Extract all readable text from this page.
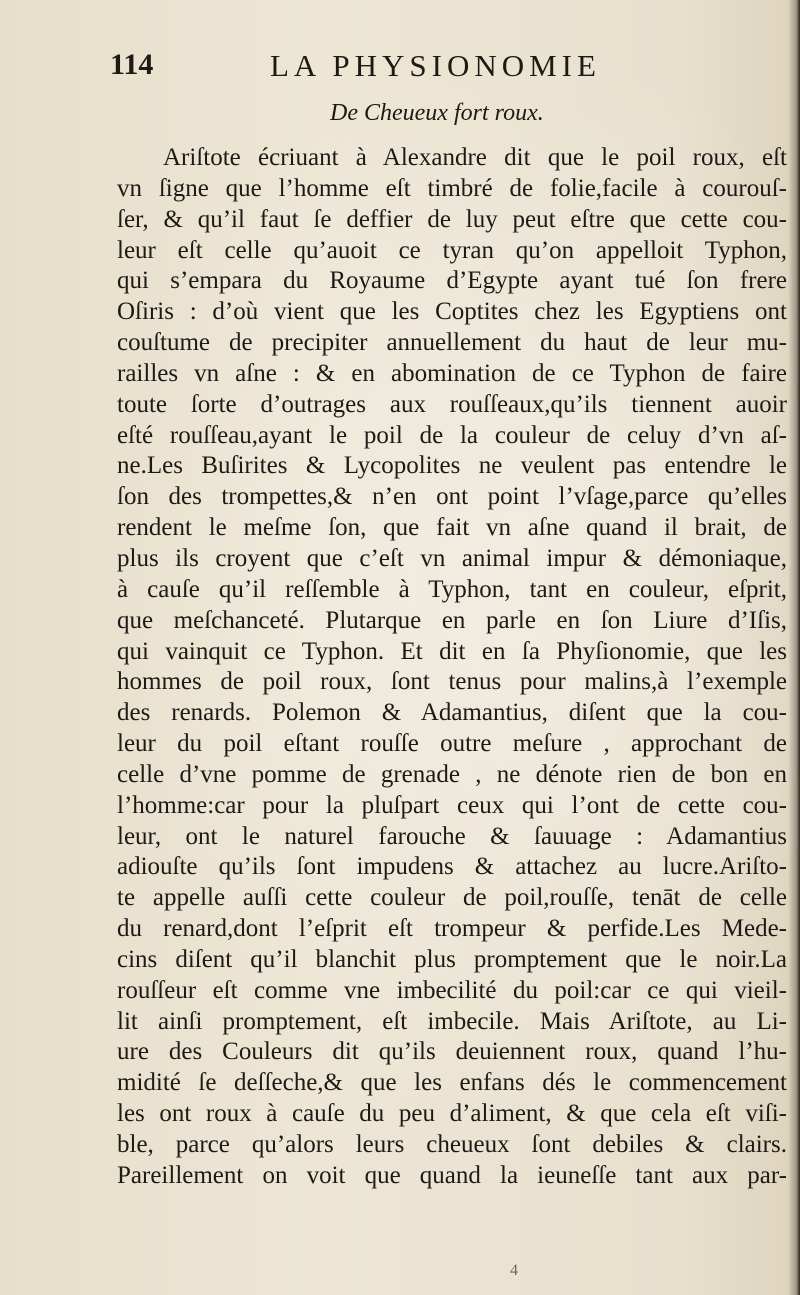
114	LA PHYSIONOMIE
De Cheueux fort roux.
Ariſtote écriuant à Alexandre dit que le poil roux, eſt
vn ſigne que l’homme eſt timbré de folie,facile à courouſ-
ſer, & qu’il faut ſe deffier de luy peut eſtre que cette cou-
leur eſt celle qu’auoit ce tyran qu’on appelloit Typhon,
qui s’empara du Royaume d’Egypte ayant tué ſon frere
Oſiris : d’où vient que les Coptites chez les Egyptiens ont
couſtume de precipiter annuellement du haut de leur mu-
railles vn aſne : & en abomination de ce Typhon de faire
toute ſorte d’outrages aux rouſſeaux,qu’ils tiennent auoir
eſté rouſſeau,ayant le poil de la couleur de celuy d’vn aſ-
ne.Les Buſirites & Lycopolites ne veulent pas entendre le
ſon des trompettes,& n’en ont point l’vſage,parce qu’elles
rendent le meſme ſon, que fait vn aſne quand il brait, de
plus ils croyent que c’eſt vn animal impur & démoniaque,
à cauſe qu’il reſſemble à Typhon, tant en couleur, eſprit,
que meſchanceté. Plutarque en parle en ſon Liure d’Iſis,
qui vainquit ce Typhon. Et dit en ſa Phyſionomie, que les
hommes de poil roux, ſont tenus pour malins,à l’exemple
des renards. Polemon & Adamantius, diſent que la cou-
leur du poil eſtant rouſſe outre meſure , approchant de
celle d’vne pomme de grenade , ne dénote rien de bon en
l’homme:car pour la pluſpart ceux qui l’ont de cette cou-
leur, ont le naturel farouche & ſauuage : Adamantius
adiouſte qu’ils ſont impudens & attachez au lucre.Ariſto-
te appelle auſſi cette couleur de poil,rouſſe, tenāt de celle
du renard,dont l’eſprit eſt trompeur & perfide.Les Mede-
cins diſent qu’il blanchit plus promptement que le noir.La
rouſſeur eſt comme vne imbecilité du poil:car ce qui vieil-
lit ainſi promptement, eſt imbecile. Mais Ariſtote, au Li-
ure des Couleurs dit qu’ils deuiennent roux, quand l’hu-
midité ſe deſſeche,& que les enfans dés le commencement
les ont roux à cauſe du peu d’aliment, & que cela eſt viſi-
ble, parce qu’alors leurs cheueux ſont debiles & clairs.
Pareillement on voit que quand la ieuneſſe tant aux par-
4
